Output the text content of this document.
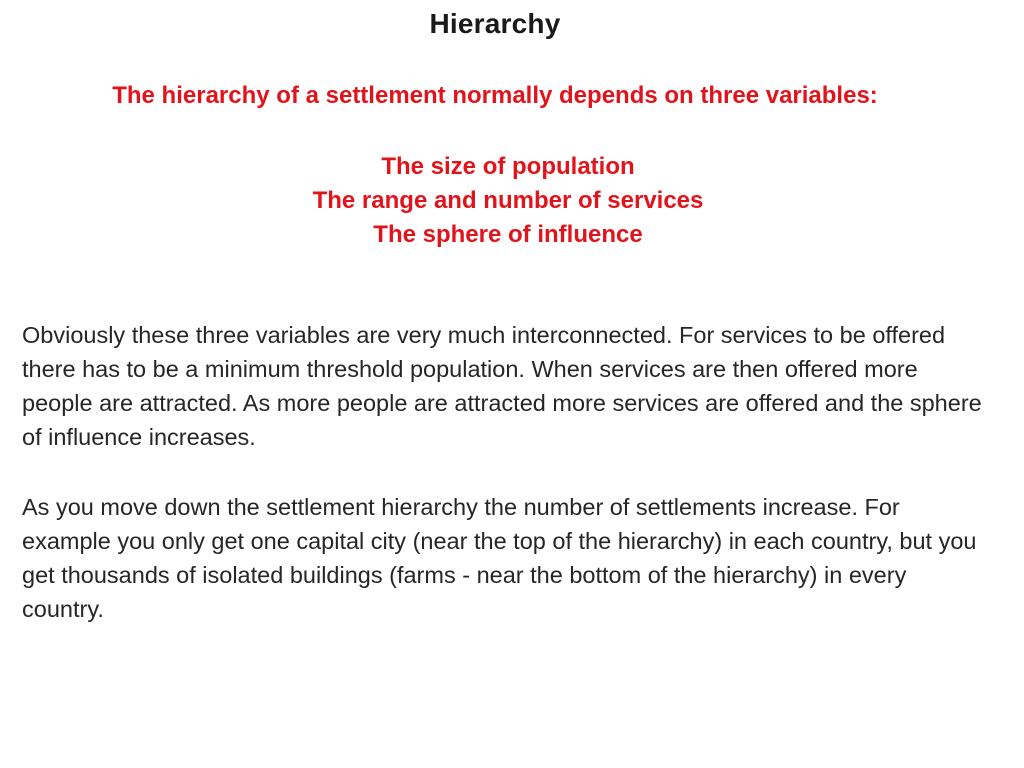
Hierarchy
The hierarchy of a settlement normally depends on three variables:
The size of population
The range and number of services
The sphere of influence

Obviously these three variables are very much interconnected. For services to be offered there has to be a minimum threshold population. When services are then offered more people are attracted. As more people are attracted more services are offered and the sphere of influence increases.

As you move down the settlement hierarchy the number of settlements increase. For example you only get one capital city (near the top of the hierarchy) in each country, but you get thousands of isolated buildings (farms - near the bottom of the hierarchy) in every country.
